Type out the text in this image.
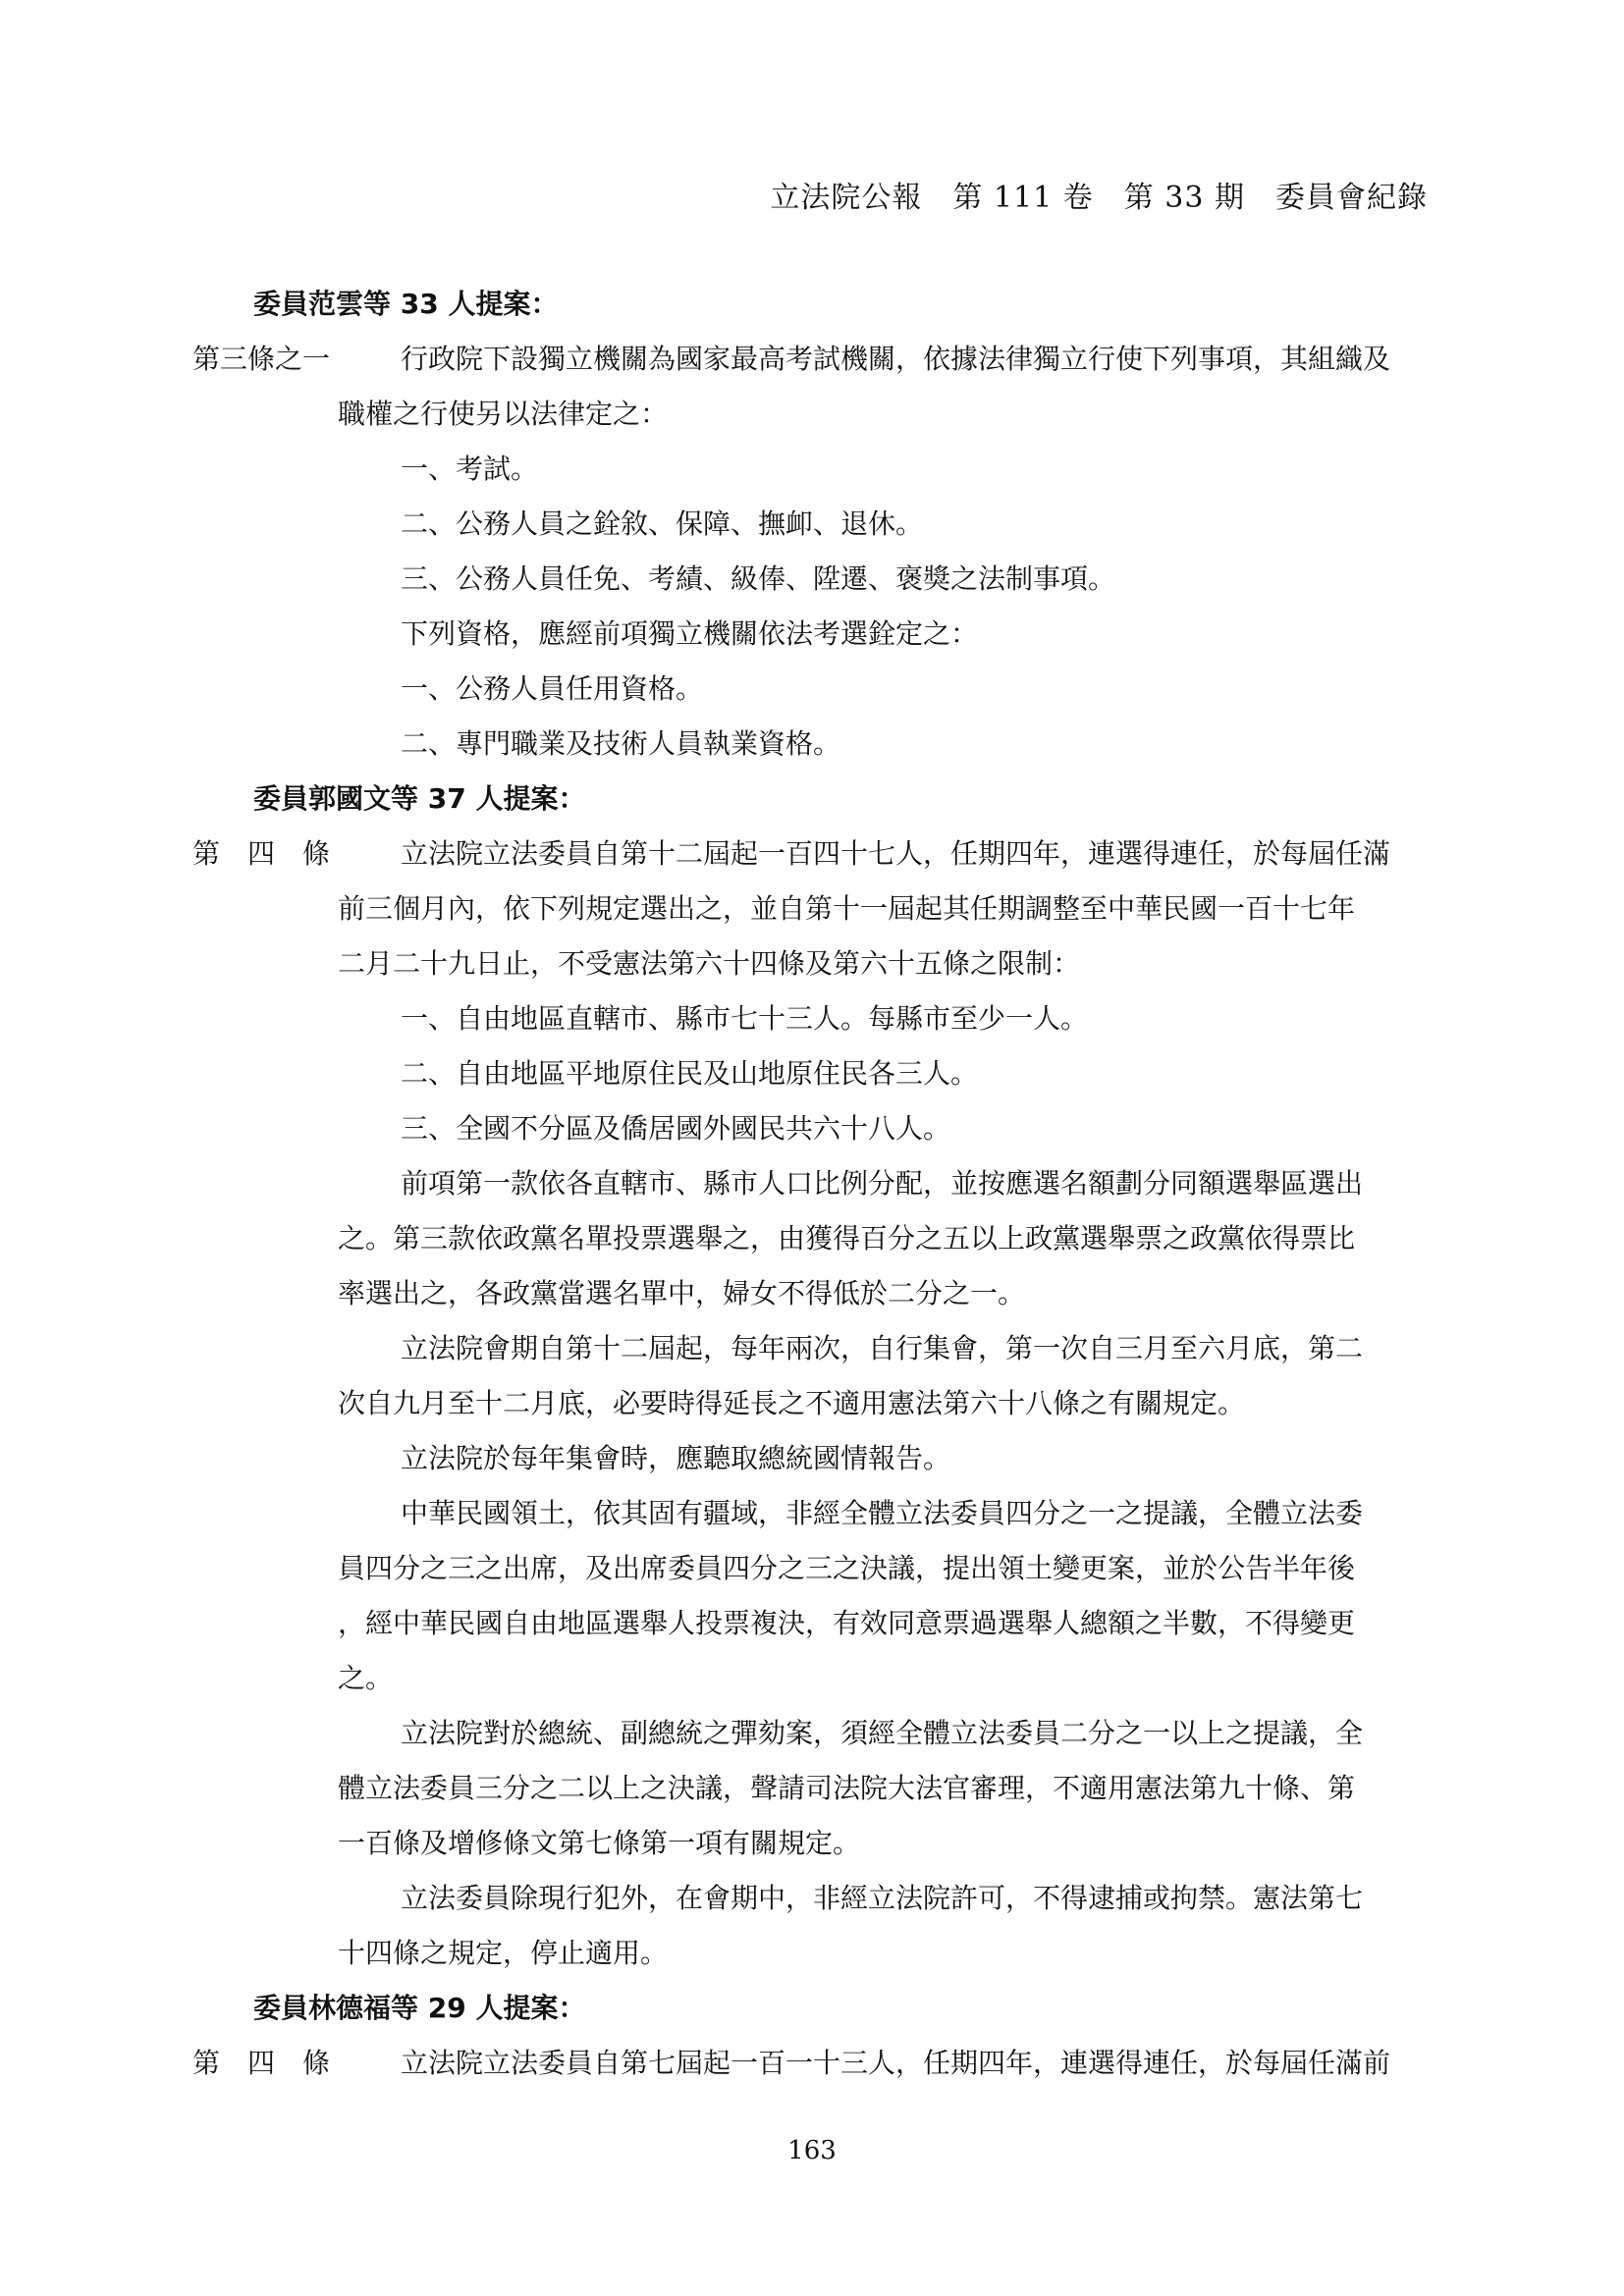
立法院公報　第 111 卷　第 33 期　委員會紀錄
委員范雲等 33 人提案：
第三條之一	行政院下設獨立機關為國家最高考試機關，依據法律獨立行使下列事項，其組織及
職權之行使另以法律定之：
一、考試。
二、公務人員之銓敘、保障、撫卹、退休。
三、公務人員任免、考績、級俸、陞遷、褒獎之法制事項。
下列資格，應經前項獨立機關依法考選銓定之：
一、公務人員任用資格。
二、專門職業及技術人員執業資格。
委員郭國文等 37 人提案：
第　四　條	立法院立法委員自第十二屆起一百四十七人，任期四年，連選得連任，於每屆任滿
前三個月內，依下列規定選出之，並自第十一屆起其任期調整至中華民國一百十七年
二月二十九日止，不受憲法第六十四條及第六十五條之限制：
一、自由地區直轄市、縣市七十三人。每縣市至少一人。
二、自由地區平地原住民及山地原住民各三人。
三、全國不分區及僑居國外國民共六十八人。
前項第一款依各直轄市、縣市人口比例分配，並按應選名額劃分同額選舉區選出
之。第三款依政黨名單投票選舉之，由獲得百分之五以上政黨選舉票之政黨依得票比
率選出之，各政黨當選名單中，婦女不得低於二分之一。
立法院會期自第十二屆起，每年兩次，自行集會，第一次自三月至六月底，第二
次自九月至十二月底，必要時得延長之不適用憲法第六十八條之有關規定。
立法院於每年集會時，應聽取總統國情報告。
中華民國領土，依其固有疆域，非經全體立法委員四分之一之提議，全體立法委
員四分之三之出席，及出席委員四分之三之決議，提出領土變更案，並於公告半年後
，經中華民國自由地區選舉人投票複決，有效同意票過選舉人總額之半數，不得變更
之。
立法院對於總統、副總統之彈劾案，須經全體立法委員二分之一以上之提議，全
體立法委員三分之二以上之決議，聲請司法院大法官審理，不適用憲法第九十條、第
一百條及增修條文第七條第一項有關規定。
立法委員除現行犯外，在會期中，非經立法院許可，不得逮捕或拘禁。憲法第七
十四條之規定，停止適用。
委員林德福等 29 人提案：
第　四　條	立法院立法委員自第七屆起一百一十三人，任期四年，連選得連任，於每屆任滿前
163
